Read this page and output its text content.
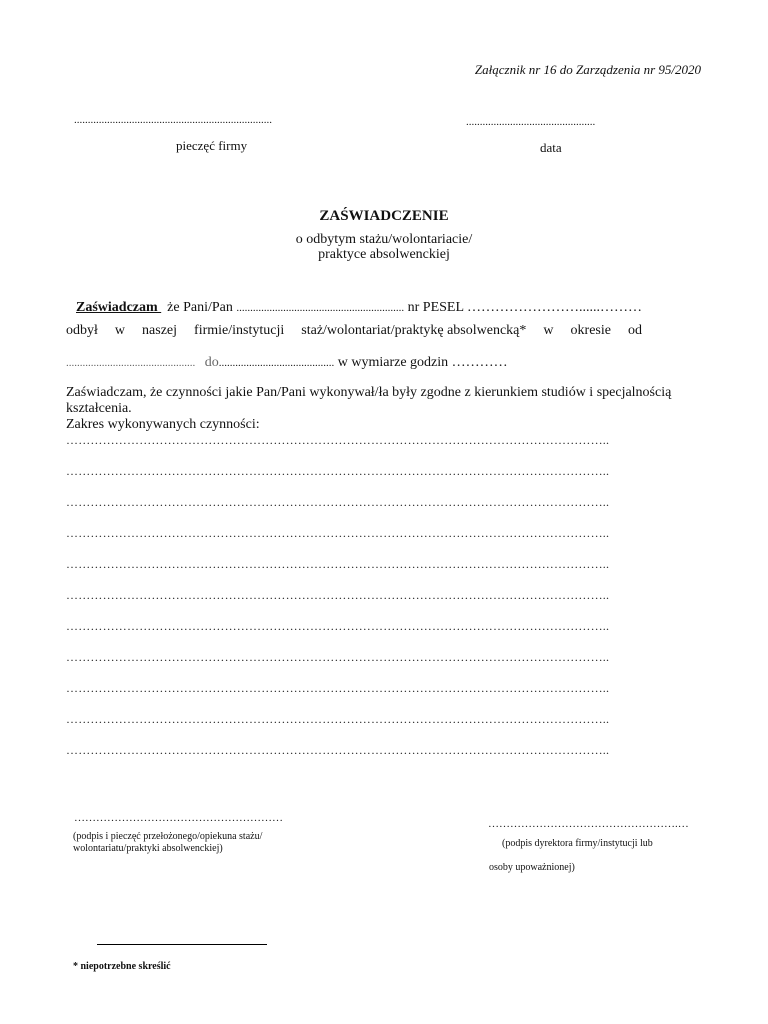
Załącznik nr 16 do Zarządzenia nr 95/2020
........................................................................
pieczęć firmy
...............................................
data
ZAŚWIADCZENIE
o odbytym stażu/wolontariacie/
praktyce absolwenckiej
Zaświadczam że Pani/Pan ............................................................. nr PESEL ……………………......………
odbył w naszej firmie/instytucji staż/wolontariat/praktykę absolwencką* w okresie od
............................................... do.......................................... w wymiarze godzin …………
Zaświadczam, że czynności jakie Pan/Pani wykonywał/ła były zgodne z kierunkiem studiów i specjalnością kształcenia.
Zakres wykonywanych czynności:
……………………………………………………………………………………………………………………..
……………………………………………………………………………………………………………………..
……………………………………………………………………………………………………………………..
……………………………………………………………………………………………………………………..
……………………………………………………………………………………………………………………..
……………………………………………………………………………………………………………………..
……………………………………………………………………………………………………………………..
……………………………………………………………………………………………………………………..
……………………………………………………………………………………………………………………..
……………………………………………………………………………………………………………………..
……………………………………………………………………………………………………………………..
…………………………………………………
(podpis i pieczęć przełożonego/opiekuna stażu/ wolontariatu/praktyki absolwenckiej)
…………………………………………….…
(podpis dyrektora firmy/instytucji lub
osoby upoważnionej)
* niepotrzebne skreślić
